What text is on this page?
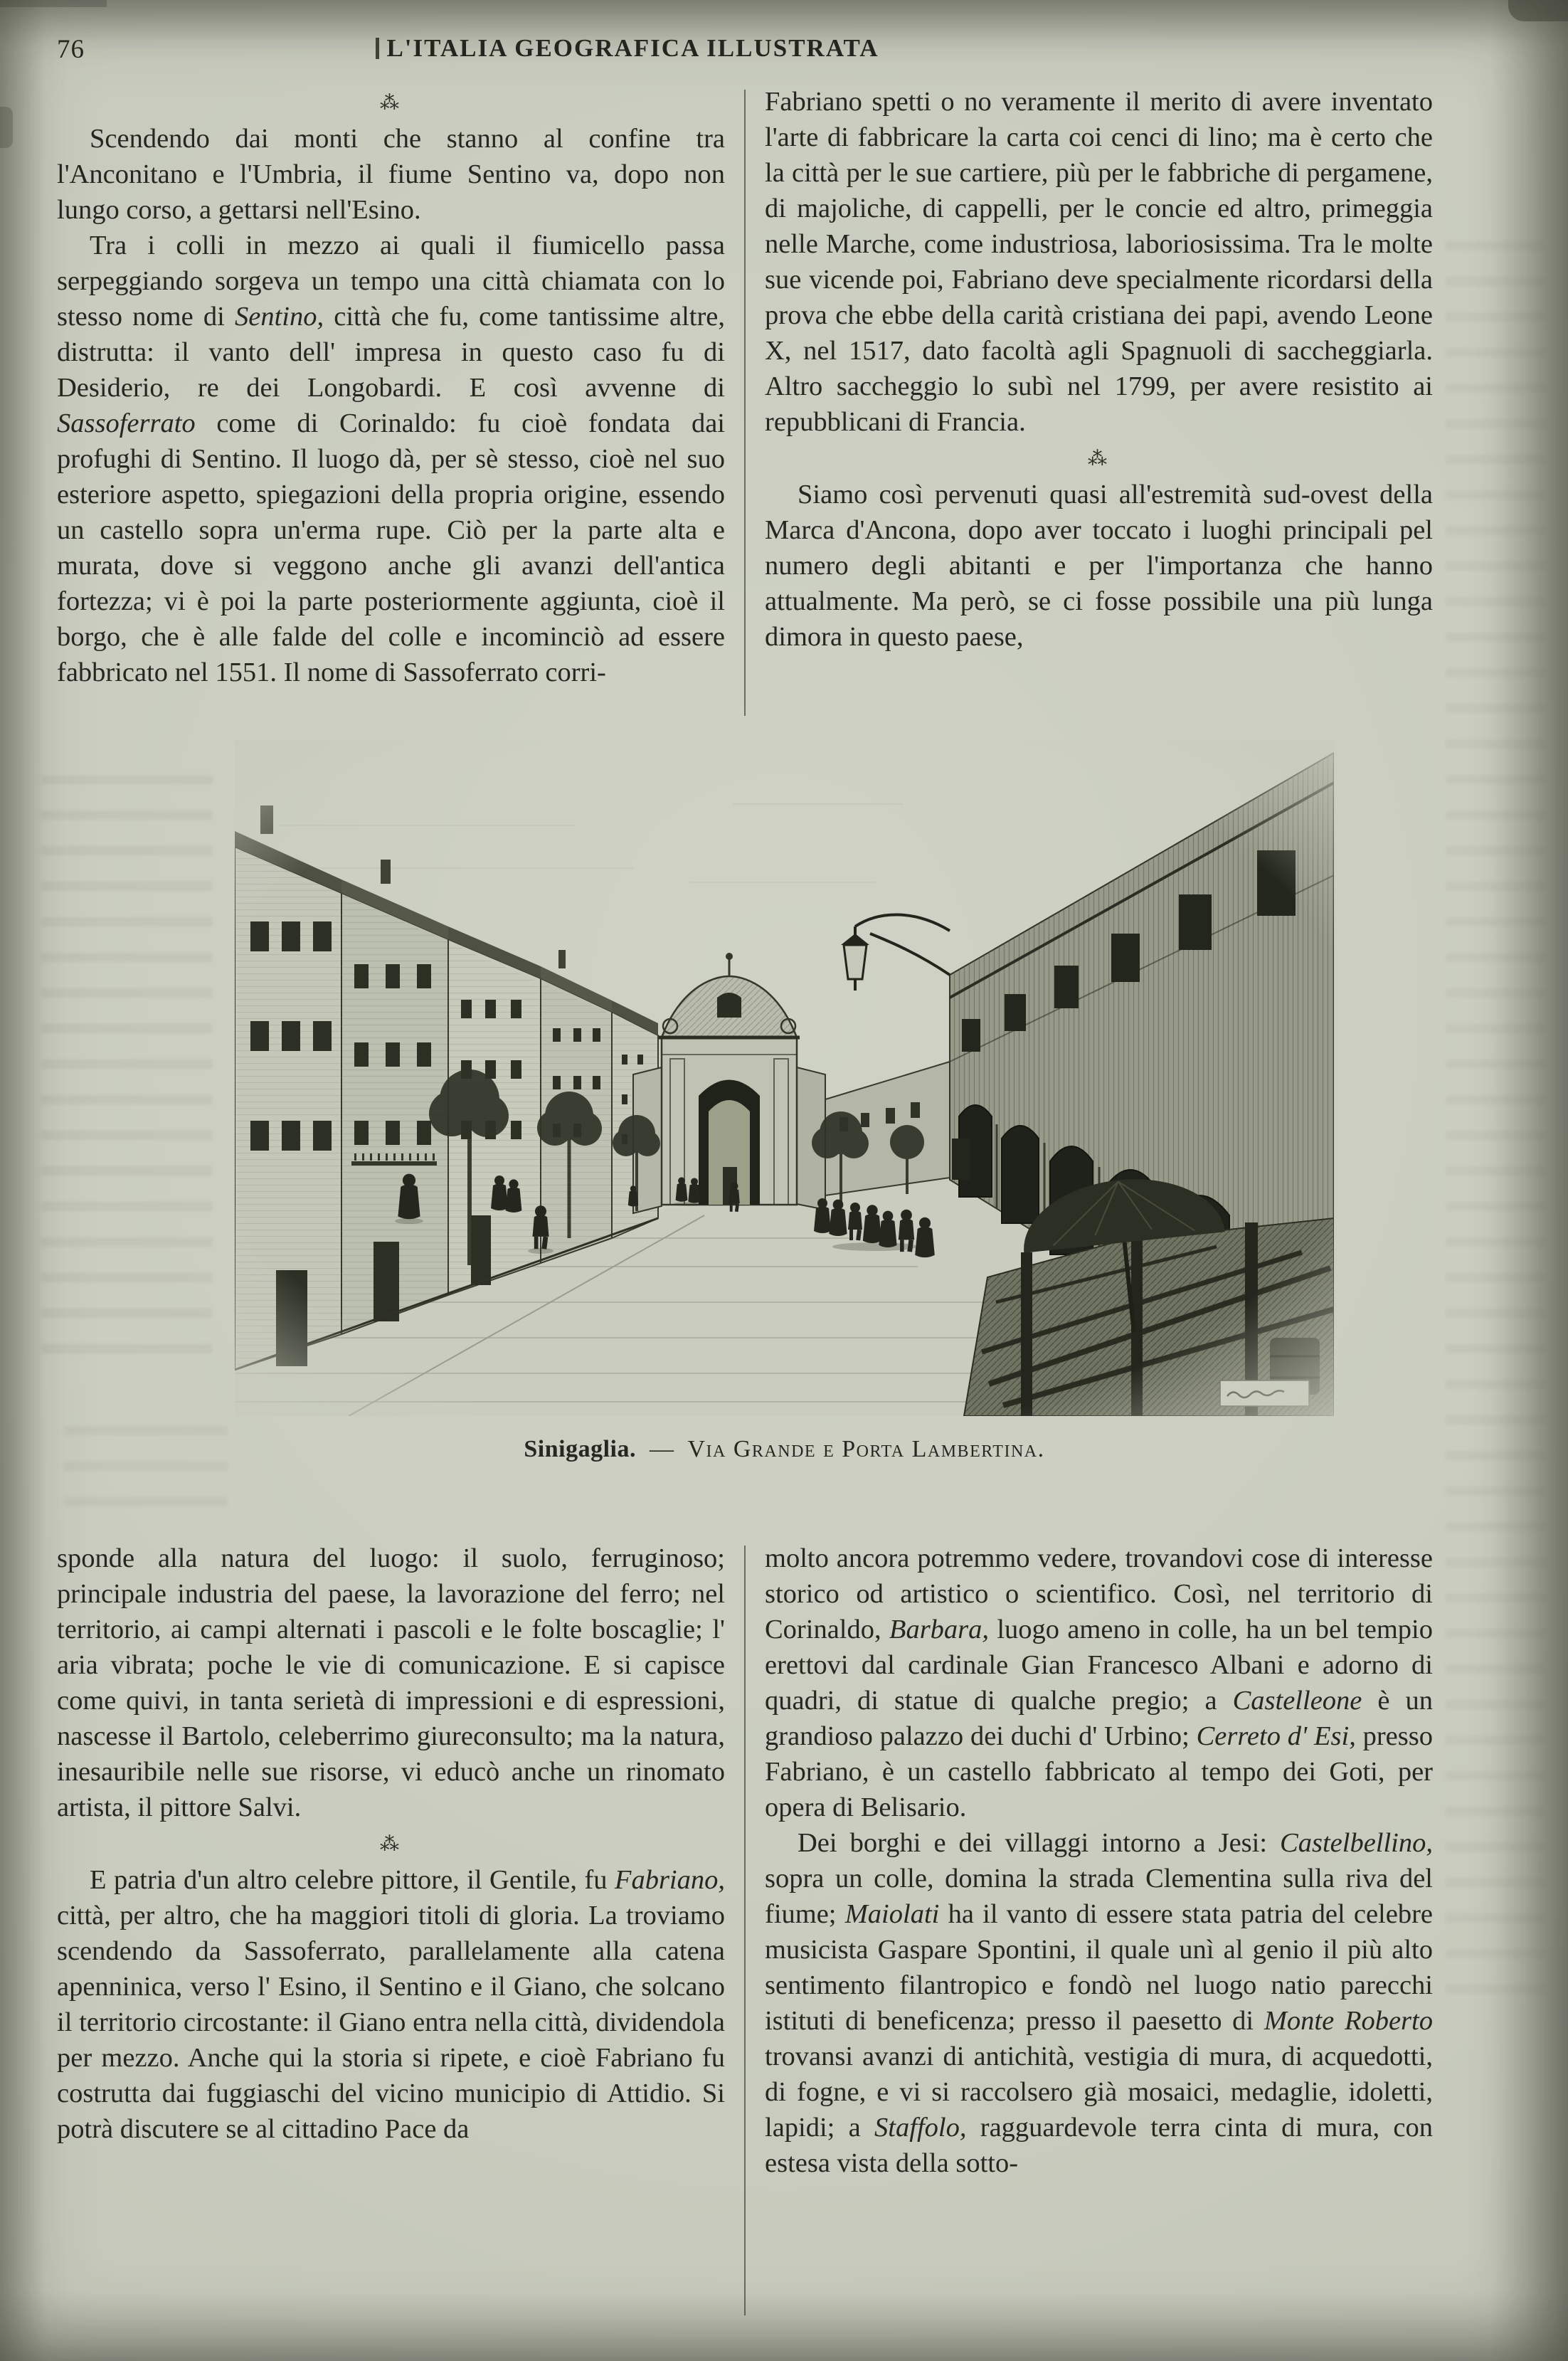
76	L'ITALIA GEOGRAFICA ILLUSTRATA
⁂

Scendendo dai monti che stanno al confine tra l'Anconitano e l'Umbria, il fiume Sentino va, dopo non lungo corso, a gettarsi nell'Esino.

Tra i colli in mezzo ai quali il fiumicello passa serpeggiando sorgeva un tempo una città chiamata con lo stesso nome di Sentino, città che fu, come tantissime altre, distrutta: il vanto dell' impresa in questo caso fu di Desiderio, re dei Longobardi. E così avvenne di Sassoferrato come di Corinaldo: fu cioè fondata dai profughi di Sentino. Il luogo dà, per sè stesso, cioè nel suo esteriore aspetto, spiegazioni della propria origine, essendo un castello sopra un'erma rupe. Ciò per la parte alta e murata, dove si veggono anche gli avanzi dell'antica fortezza; vi è poi la parte posteriormente aggiunta, cioè il borgo, che è alle falde del colle e incominciò ad essere fabbricato nel 1551. Il nome di Sassoferrato corri-

Fabriano spetti o no veramente il merito di avere inventato l'arte di fabbricare la carta coi cenci di lino; ma è certo che la città per le sue cartiere, più per le fabbriche di pergamene, di majoliche, di cappelli, per le concie ed altro, primeggia nelle Marche, come industriosa, laboriosissima. Tra le molte sue vicende poi, Fabriano deve specialmente ricordarsi della prova che ebbe della carità cristiana dei papi, avendo Leone X, nel 1517, dato facoltà agli Spagnuoli di saccheggiarla. Altro saccheggio lo subì nel 1799, per avere resistito ai repubblicani di Francia.

⁂

Siamo così pervenuti quasi all'estremità sud-ovest della Marca d'Ancona, dopo aver toccato i luoghi principali pel numero degli abitanti e per l'importanza che hanno attualmente. Ma però, se ci fosse possibile una più lunga dimora in questo paese,

Sinigaglia. — Via Grande e Porta Lambertina.

sponde alla natura del luogo: il suolo, ferruginoso; principale industria del paese, la lavorazione del ferro; nel territorio, ai campi alternati i pascoli e le folte boscaglie; l' aria vibrata; poche le vie di comunicazione. E si capisce come quivi, in tanta serietà di impressioni e di espressioni, nascesse il Bartolo, celeberrimo giureconsulto; ma la natura, inesauribile nelle sue risorse, vi educò anche un rinomato artista, il pittore Salvi.

⁂

E patria d'un altro celebre pittore, il Gentile, fu Fabriano, città, per altro, che ha maggiori titoli di gloria. La troviamo scendendo da Sassoferrato, parallelamente alla catena apenninica, verso l' Esino, il Sentino e il Giano, che solcano il territorio circostante: il Giano entra nella città, dividendola per mezzo. Anche qui la storia si ripete, e cioè Fabriano fu costrutta dai fuggiaschi del vicino municipio di Attidio. Si potrà discutere se al cittadino Pace da

molto ancora potremmo vedere, trovandovi cose di interesse storico od artistico o scientifico. Così, nel territorio di Corinaldo, Barbara, luogo ameno in colle, ha un bel tempio erettovi dal cardinale Gian Francesco Albani e adorno di quadri, di statue di qualche pregio; a Castelleone è un grandioso palazzo dei duchi d' Urbino; Cerreto d' Esi, presso Fabriano, è un castello fabbricato al tempo dei Goti, per opera di Belisario.

Dei borghi e dei villaggi intorno a Jesi: Castelbellino, sopra un colle, domina la strada Clementina sulla riva del fiume; Maiolati ha il vanto di essere stata patria del celebre musicista Gaspare Spontini, il quale unì al genio il più alto sentimento filantropico e fondò nel luogo natio parecchi istituti di beneficenza; presso il paesetto di Monte Roberto trovansi avanzi di antichità, vestigia di mura, di acquedotti, di fogne, e vi si raccolsero già mosaici, medaglie, idoletti, lapidi; a Staffolo, ragguardevole terra cinta di mura, con estesa vista della sotto-
